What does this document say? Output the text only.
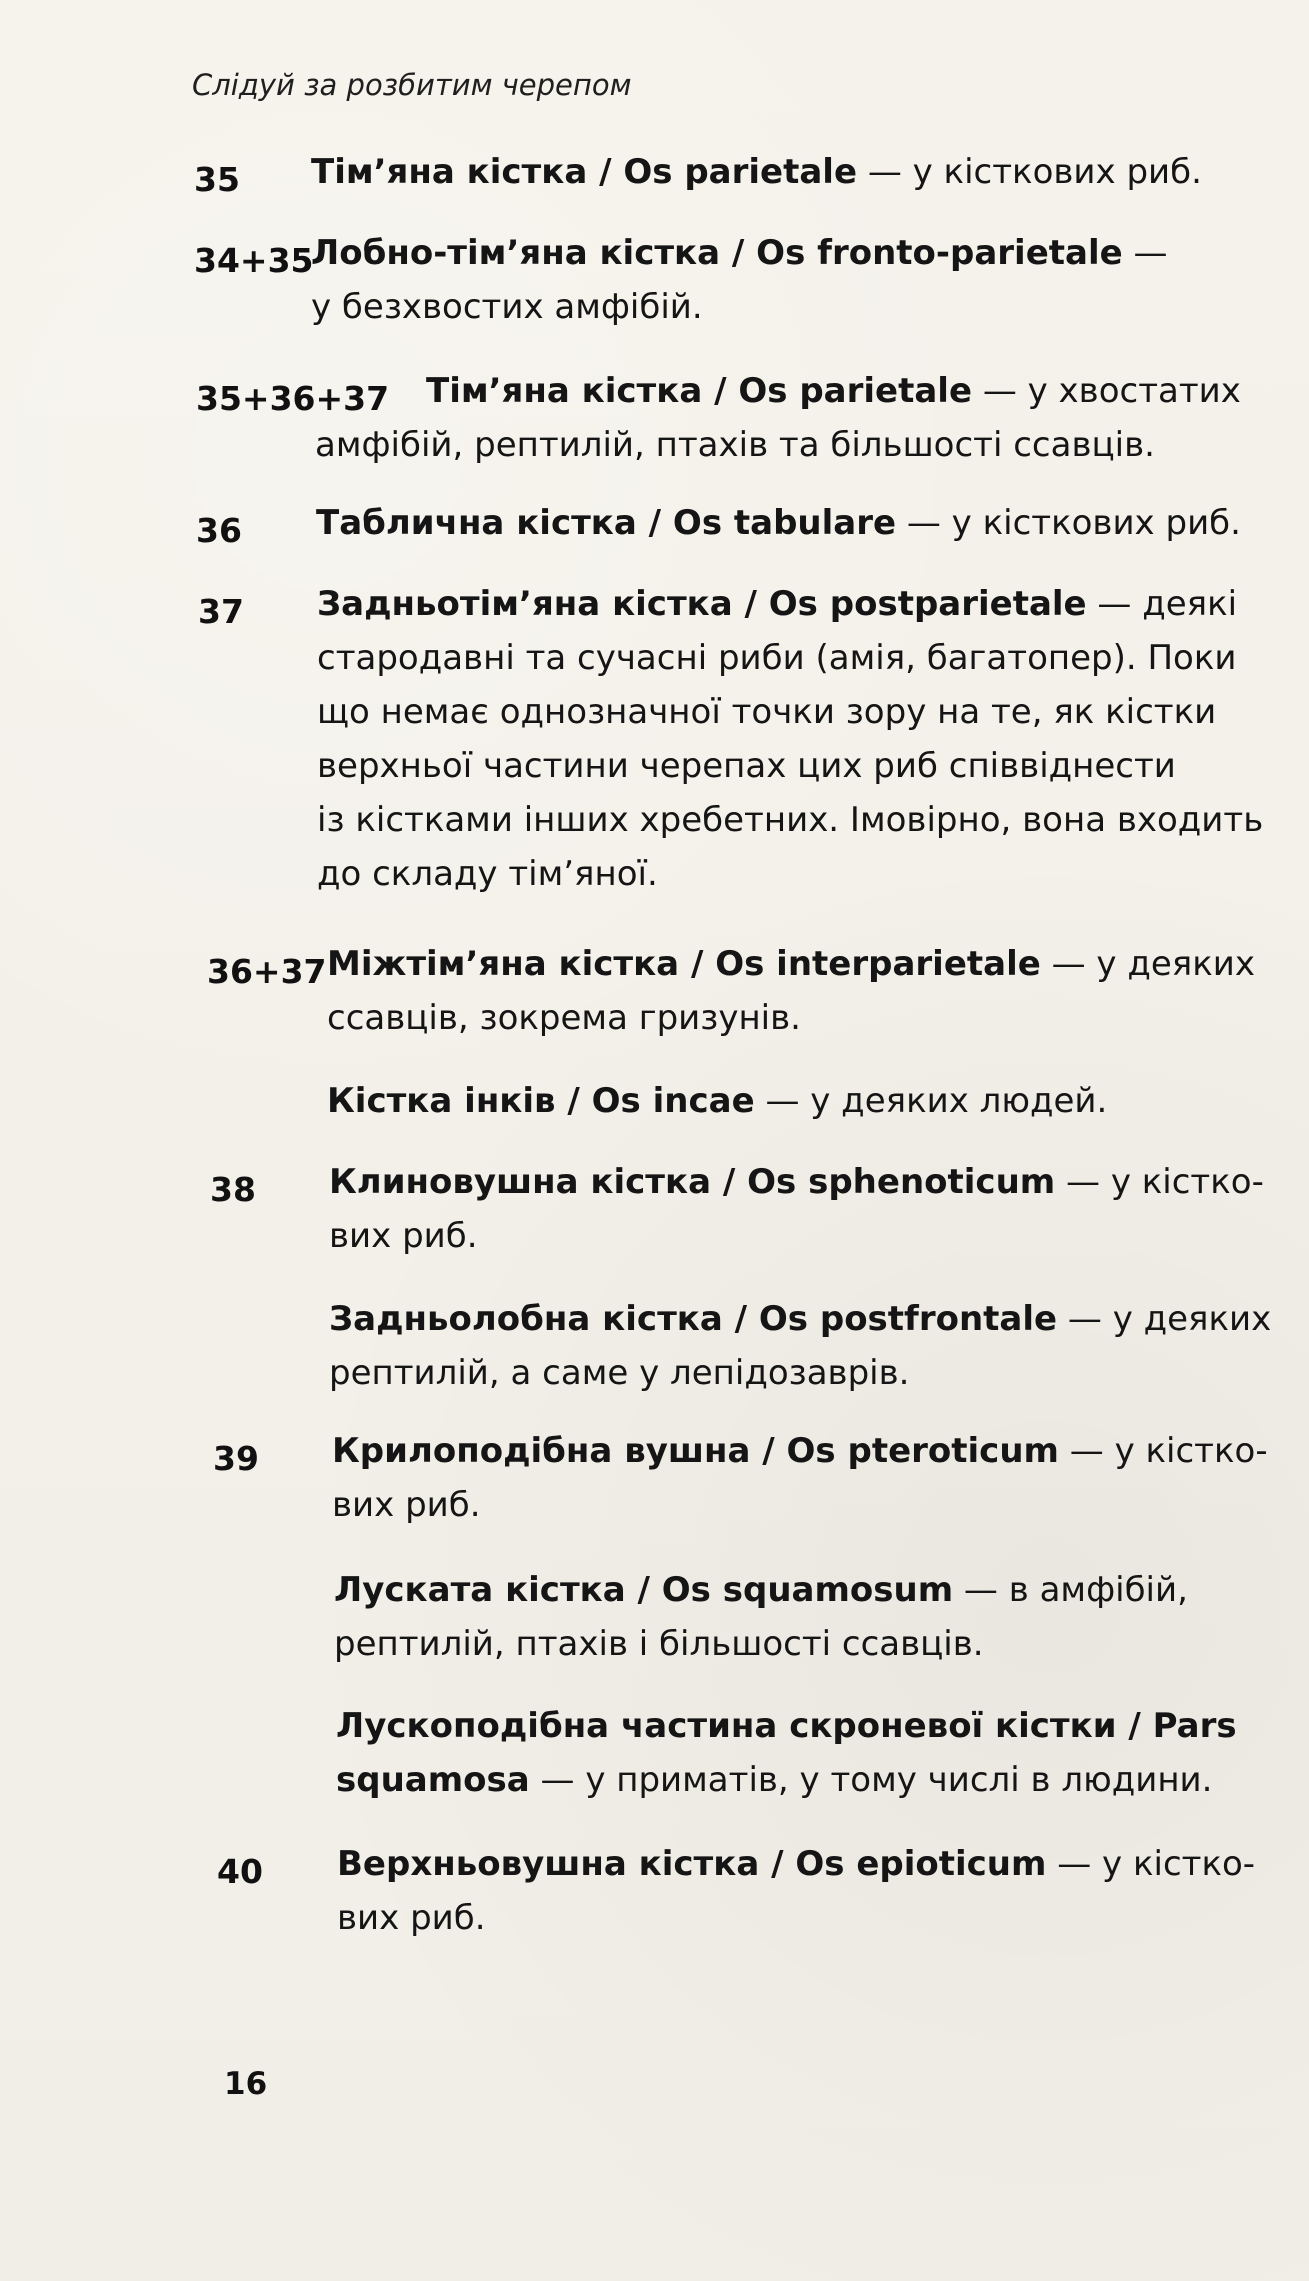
Слідуй за розбитим черепом
35 Тім’яна кістка / Os parietale — у кісткових риб.
34+35
Лобно-тім’яна кістка / Os fronto-parietale —
у безхвостих амфібій.
35+36+37 Тім’яна кістка / Os parietale — у хвостатих
амфібій, рептилій, птахів та більшості ссавців.
36 Таблична кістка / Os tabulare — у кісткових риб.
37 Задньотім’яна кістка / Os postparietale — деякі
стародавні та сучасні риби (амія, багатопер). Поки
що немає однозначної точки зору на те, як кістки
верхньої частини черепах цих риб співвіднести
із кістками інших хребетних. Імовірно, вона входить
до складу тім’яної.
36+37 Міжтім’яна кістка / Os interparietale — у деяких
ссавців, зокрема гризунів.
Кістка інків / Os incae — у деяких людей.
38 Клиновушна кістка / Os sphenoticum — у кістко-
вих риб.
Задньолобна кістка / Os postfrontale — у деяких
рептилій, а саме у лепідозаврів.
39 Крилоподібна вушна / Os pteroticum — у кістко-
вих риб.
Лускатa кістка / Os squamosum — в амфібій,
рептилій, птахів і більшості ссавців.
Лускоподібна частина скроневої кістки / Pars
squamosa — у приматів, у тому числі в людини.
40 Верхньовушна кістка / Os epioticum — у кістко-
вих риб.
16
